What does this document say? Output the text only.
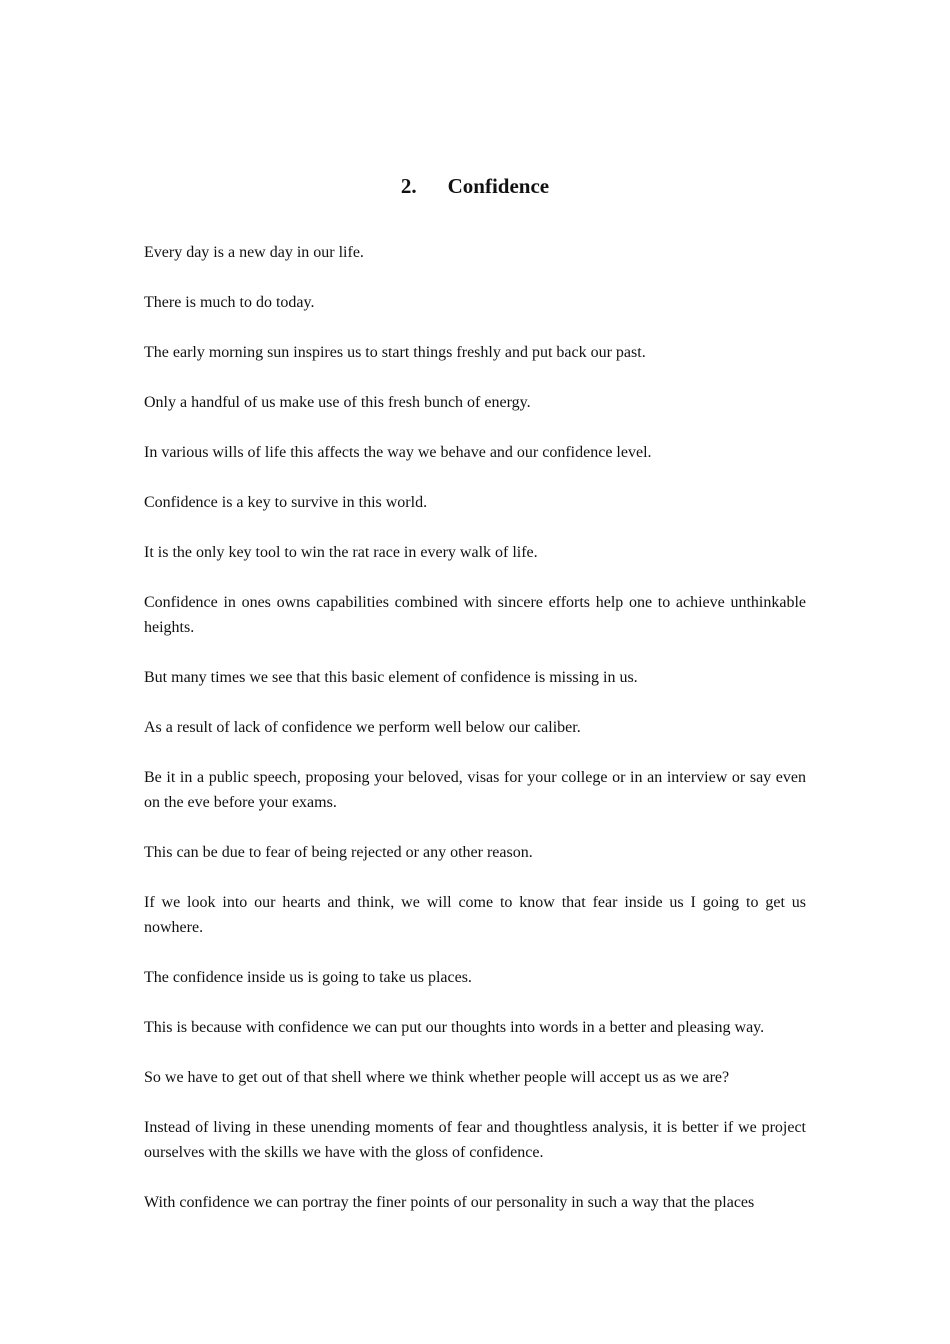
2. Confidence

Every day is a new day in our life.

There is much to do today.

The early morning sun inspires us to start things freshly and put back our past.

Only a handful of us make use of this fresh bunch of energy.

In various wills of life this affects the way we behave and our confidence level.

Confidence is a key to survive in this world.

It is the only key tool to win the rat race in every walk of life.

Confidence in ones owns capabilities combined with sincere efforts help one to achieve unthinkable heights.

But many times we see that this basic element of confidence is missing in us.

As a result of lack of confidence we perform well below our caliber.

Be it in a public speech, proposing your beloved, visas for your college or in an interview or say even on the eve before your exams.

This can be due to fear of being rejected or any other reason.

If we look into our hearts and think, we will come to know that fear inside us I going to get us nowhere.

The confidence inside us is going to take us places.

This is because with confidence we can put our thoughts into words in a better and pleasing way.

So we have to get out of that shell where we think whether people will accept us as we are?

Instead of living in these unending moments of fear and thoughtless analysis, it is better if we project ourselves with the skills we have with the gloss of confidence.

With confidence we can portray the finer points of our personality in such a way that the places
